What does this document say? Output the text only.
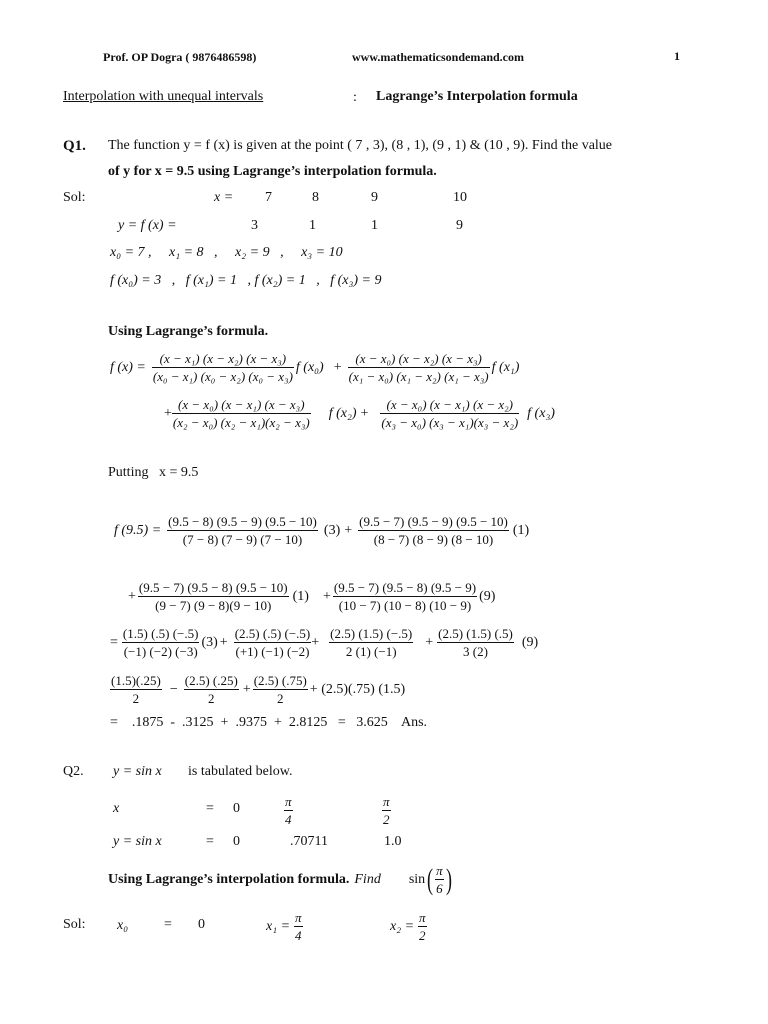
Prof. OP Dogra ( 9876486598)	www.mathematicsondemand.com	1
Interpolation with unequal intervals	: Lagrange’s Interpolation formula
Q1. The function y = f (x) is given at the point ( 7 , 3), (8 , 1), (9 , 1) & (10 , 9). Find the value
of y for x = 9.5 using Lagrange’s interpolation formula.
Sol:	x = 7	8	9	10
y = f (x) =	3	1	1	9
x₀ = 7 ,     x₁ = 8   ,     x₂ = 9   ,     x₃ = 10
f (x₀) = 3   ,   f (x₁) = 1   , f (x₂) = 1   ,   f (x₃) = 9
Using Lagrange’s formula.
f $(x) = \frac{\text{(x − x₁) (x − x₂) (x − x₃)}}{\text{(x₀ − x₁) (x₀ − x₂) (x₀ − x₃)}}$ f $(x_0) + \frac{\text{(x − x₀) (x − x₂) (x − x₃)}}{\text{(x₁ − x₀) (x₁ − x₂) (x₁ − x₃)}}$ f (x₁)
+ $\frac{\text{(x − x₀) (x − x₁) (x − x₃)}}{\text{(x₂ − x₀) (x₂ − x₁)(x₂ − x₃)}}$ f $(x_2) + \frac{\text{(x − x₀) (x − x₁) (x − x₂)}}{\text{(x₃ − x₀) (x₃ − x₁)(x₃ − x₂)}}$ f (x₃)
Putting   x = 9.5
f $(9.5) = \frac{(9.5 - 8) (9.5 - 9) (9.5 - 10)}{(7 - 8) (7 - 9) (7 - 10)} (3) + \frac{(9.5 - 7) (9.5 - 9) (9.5 - 10)}{(8 - 7) (8 - 9) (8 - 10)} (1)$
+ $\frac{(9.5 - 7) (9.5 - 8) (9.5 - 10)}{(9 - 7) (9 - 8)(9 - 10)} (1) + \frac{(9.5 - 7) (9.5 - 8) (9.5 - 9)}{(10 - 7) (10 - 8) (10 - 9)} (9)$
= $\frac{(1.5) (.5) (-.5)}{(-1) (-2) (-3)} (3) + \frac{(2.5) (.5) (-.5)}{(+1) (-1) (-2)} + \frac{(2.5) (1.5) (-.5)}{2 (1) (-1)} + \frac{(2.5) (1.5) (.5)}{3 (2)} (9)$
$\frac{(1.5)(.25)}{2} - \frac{(2.5) (.25)}{2} + \frac{(2.5) (.75)}{2} + (2.5)(.75)$ (1.5)
=    .1875  -  .3125  +  .9375  +  2.8125   =   3.625    Ans.
Q2. y = sin x is tabulated below.
x	= 0	$\frac{\pi}{4}$	$\frac{\pi}{2}$
y = sin x	= 0	.70711	1.0
Using Lagrange’s interpolation formula. Find sin ( $\frac{\pi}{6}$ )
Sol: x₀	= 0	$x_1 = \frac{\pi}{4}$	$x_2 = \frac{\pi}{2}$
